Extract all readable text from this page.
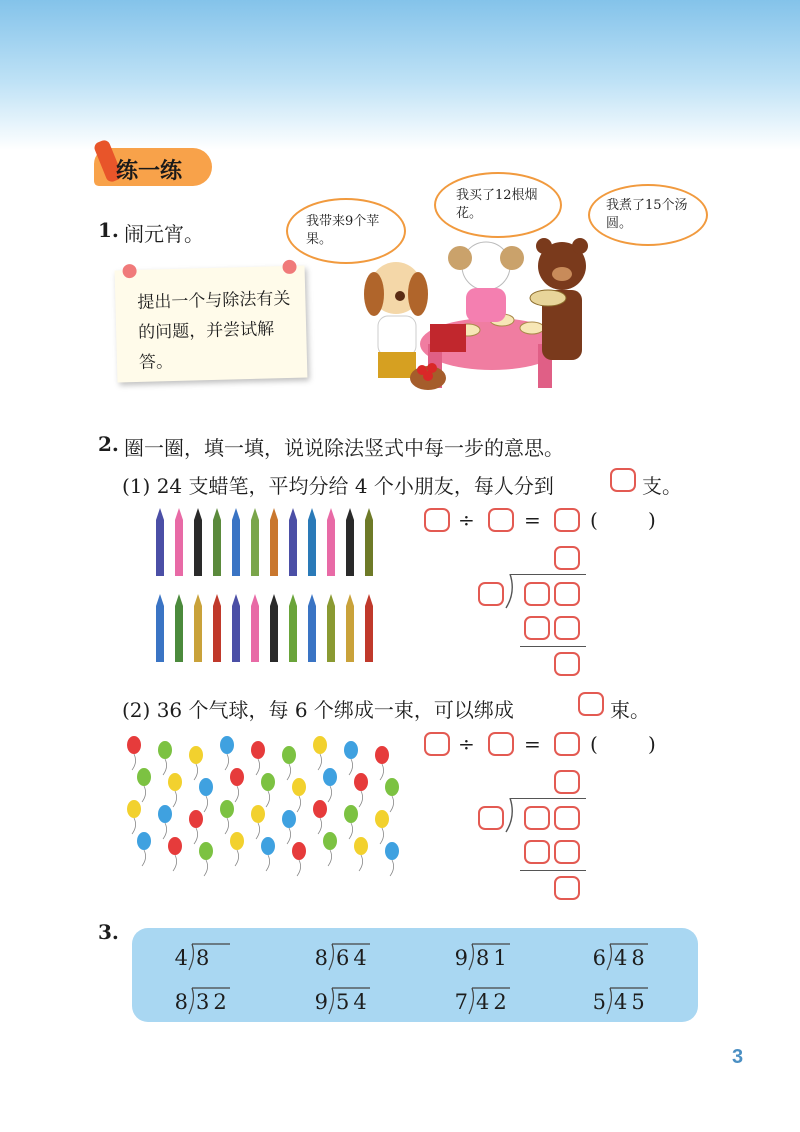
练一练
1. 闹元宵。
提出一个与除法有关的问题，并尝试解答。
我带来9个苹果。
我买了12根烟花。
我煮了15个汤圆。
2. 圈一圈，填一填，说说除法竖式中每一步的意思。
(1) 24 支蜡笔，平均分给 4 个小朋友，每人分到	支。
(2) 36 个气球，每 6 个绑成一束，可以绑成	束。
÷ = (	)
÷ = (	)
3.
4 8	8 64	9 81	6 48
8 32	9 54	7 42	5 45
3
